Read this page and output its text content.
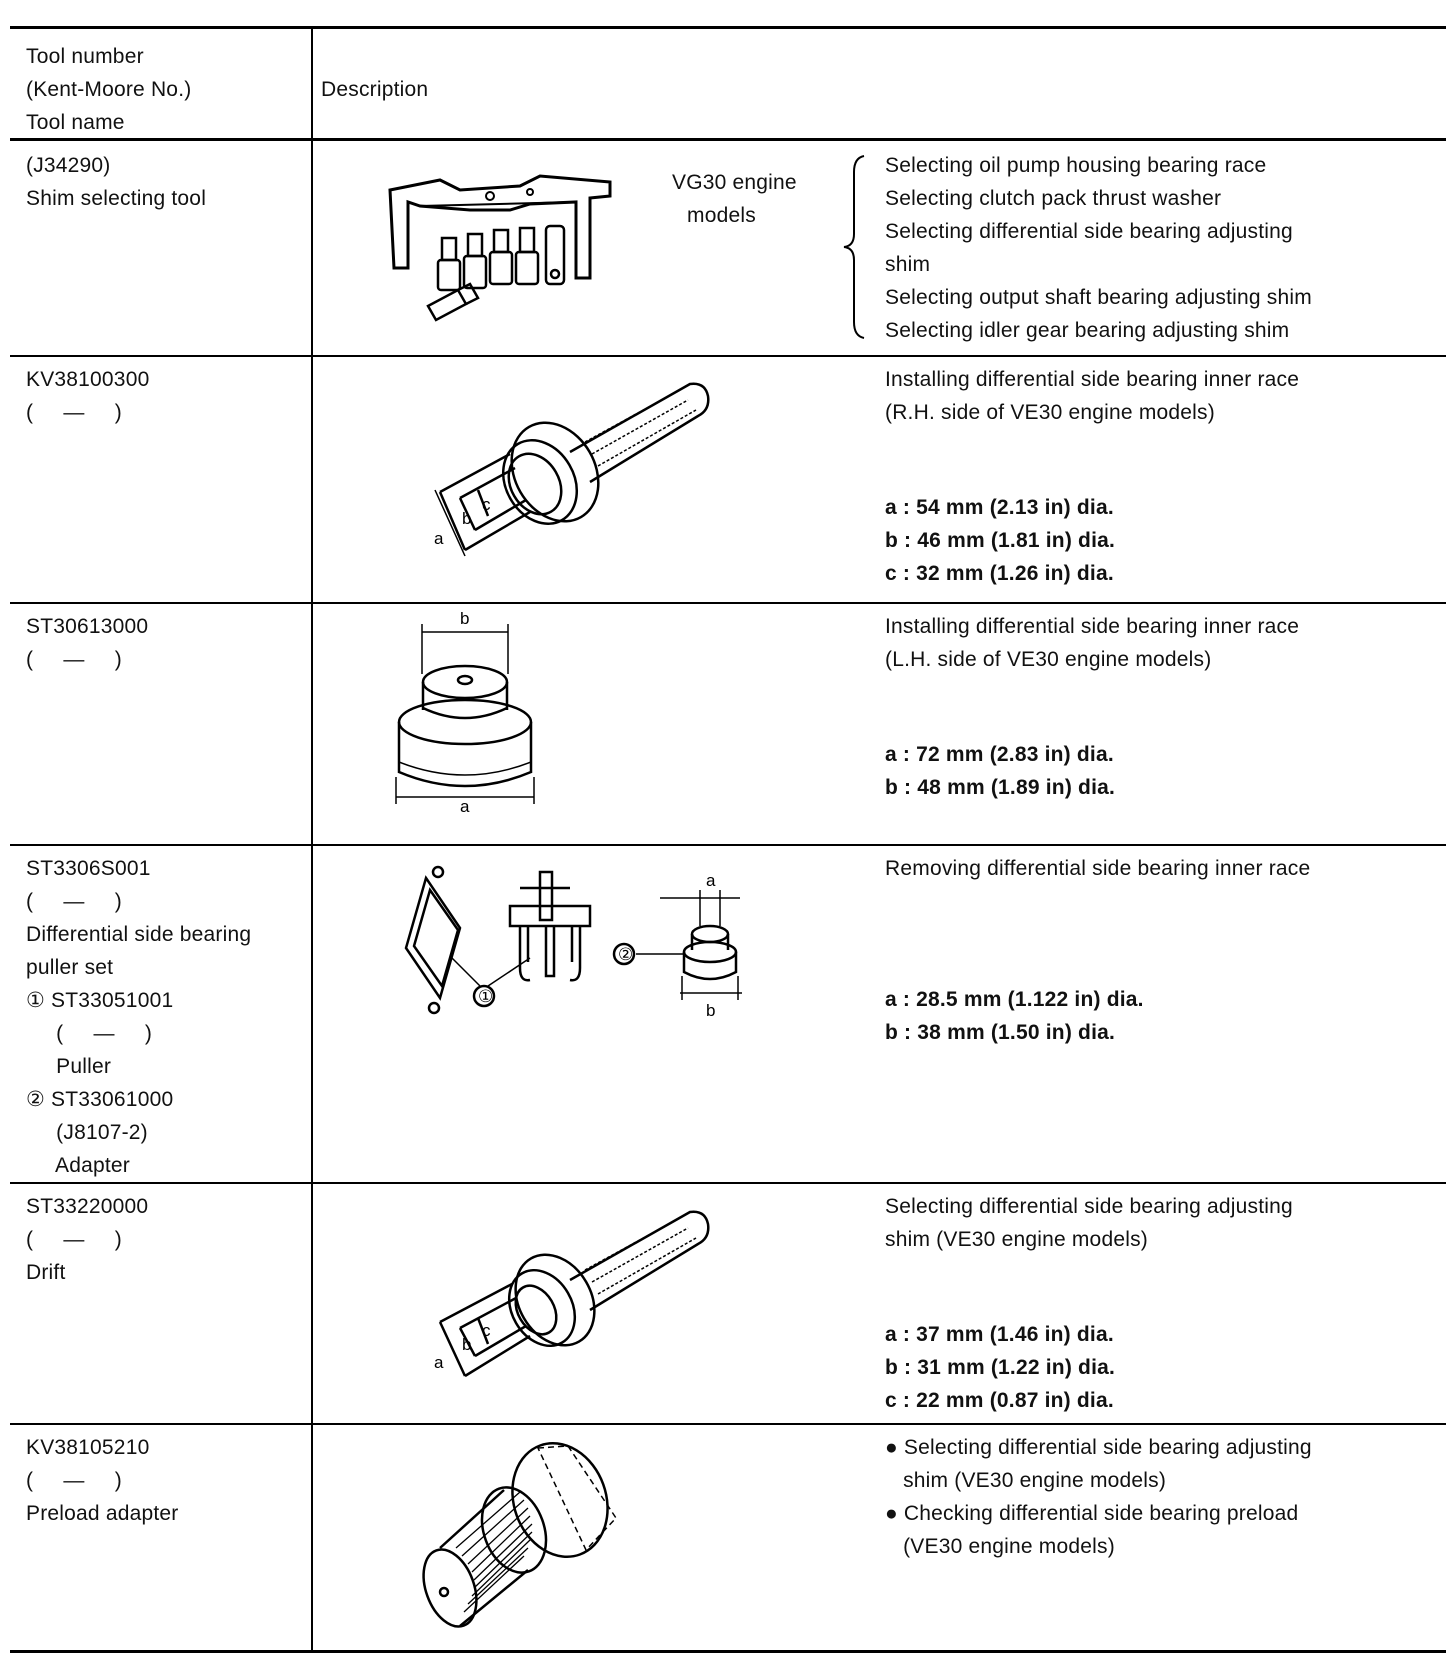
Tool number
(Kent-Moore No.)
Tool name
Description
(J34290)
Shim selecting tool
VG30 engine
models
Selecting oil pump housing bearing race
Selecting clutch pack thrust washer
Selecting differential side bearing adjusting
shim
Selecting output shaft bearing adjusting shim
Selecting idler gear bearing adjusting shim
KV38100300
(     —     )
a
b
c
Installing differential side bearing inner race
(R.H. side of VE30 engine models)
a : 54 mm (2.13 in) dia.
b : 46 mm (1.81 in) dia.
c : 32 mm (1.26 in) dia.
ST30613000
(     —     )
b
a
Installing differential side bearing inner race
(L.H. side of VE30 engine models)
a : 72 mm (2.83 in) dia.
b : 48 mm (1.89 in) dia.
ST3306S001
(     —     )
Differential side bearing
puller set
① ST33051001
(     —     )
Puller
② ST33061000
(J8107-2)
Adapter
①
②
a
b
Removing differential side bearing inner race
a : 28.5 mm (1.122 in) dia.
b : 38 mm (1.50 in) dia.
ST33220000
(     —     )
Drift
a
b
c
Selecting differential side bearing adjusting
shim (VE30 engine models)
a : 37 mm (1.46 in) dia.
b : 31 mm (1.22 in) dia.
c : 22 mm (0.87 in) dia.
KV38105210
(     —     )
Preload adapter
● Selecting differential side bearing adjusting
shim (VE30 engine models)
● Checking differential side bearing preload
(VE30 engine models)
